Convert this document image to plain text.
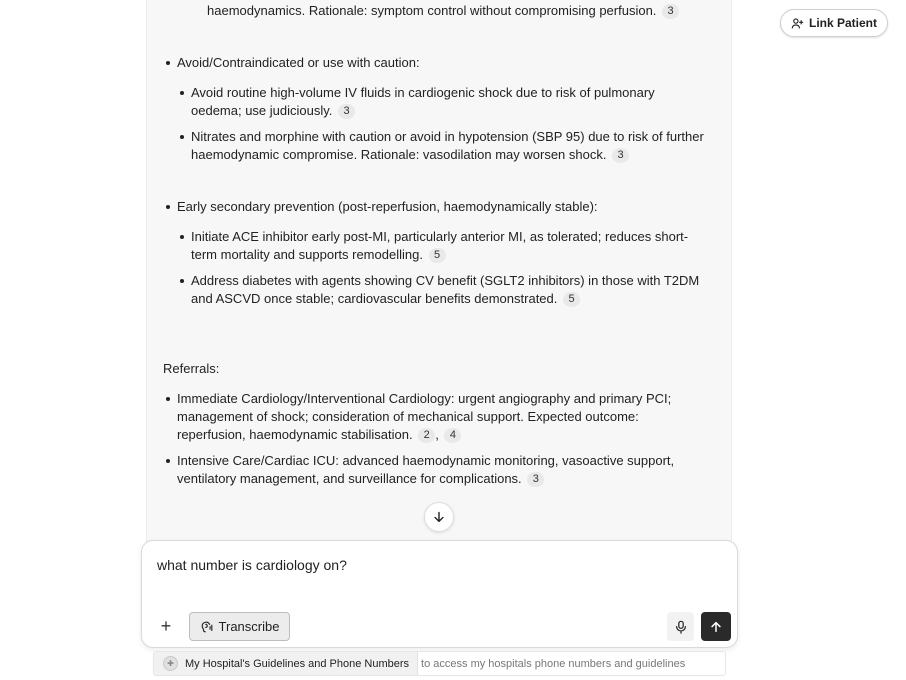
Link Patient
haemodynamics. Rationale: symptom control without compromising perfusion. 3
Avoid/Contraindicated or use with caution:
Avoid routine high-volume IV fluids in cardiogenic shock due to risk of pulmonary oedema; use judiciously. 3
Nitrates and morphine with caution or avoid in hypotension (SBP 95) due to risk of further haemodynamic compromise. Rationale: vasodilation may worsen shock. 3
Early secondary prevention (post-reperfusion, haemodynamically stable):
Initiate ACE inhibitor early post-MI, particularly anterior MI, as tolerated; reduces short-term mortality and supports remodelling. 5
Address diabetes with agents showing CV benefit (SGLT2 inhibitors) in those with T2DM and ASCVD once stable; cardiovascular benefits demonstrated. 5
Referrals:
Immediate Cardiology/Interventional Cardiology: urgent angiography and primary PCI; management of shock; consideration of mechanical support. Expected outcome: reperfusion, haemodynamic stabilisation. 2 , 4
Intensive Care/Cardiac ICU: advanced haemodynamic monitoring, vasoactive support, ventilatory management, and surveillance for complications. 3
what number is cardiology on?
+	Transcribe
✚	My Hospital's Guidelines and Phone Numbers to access my hospitals phone numbers and guidelines
